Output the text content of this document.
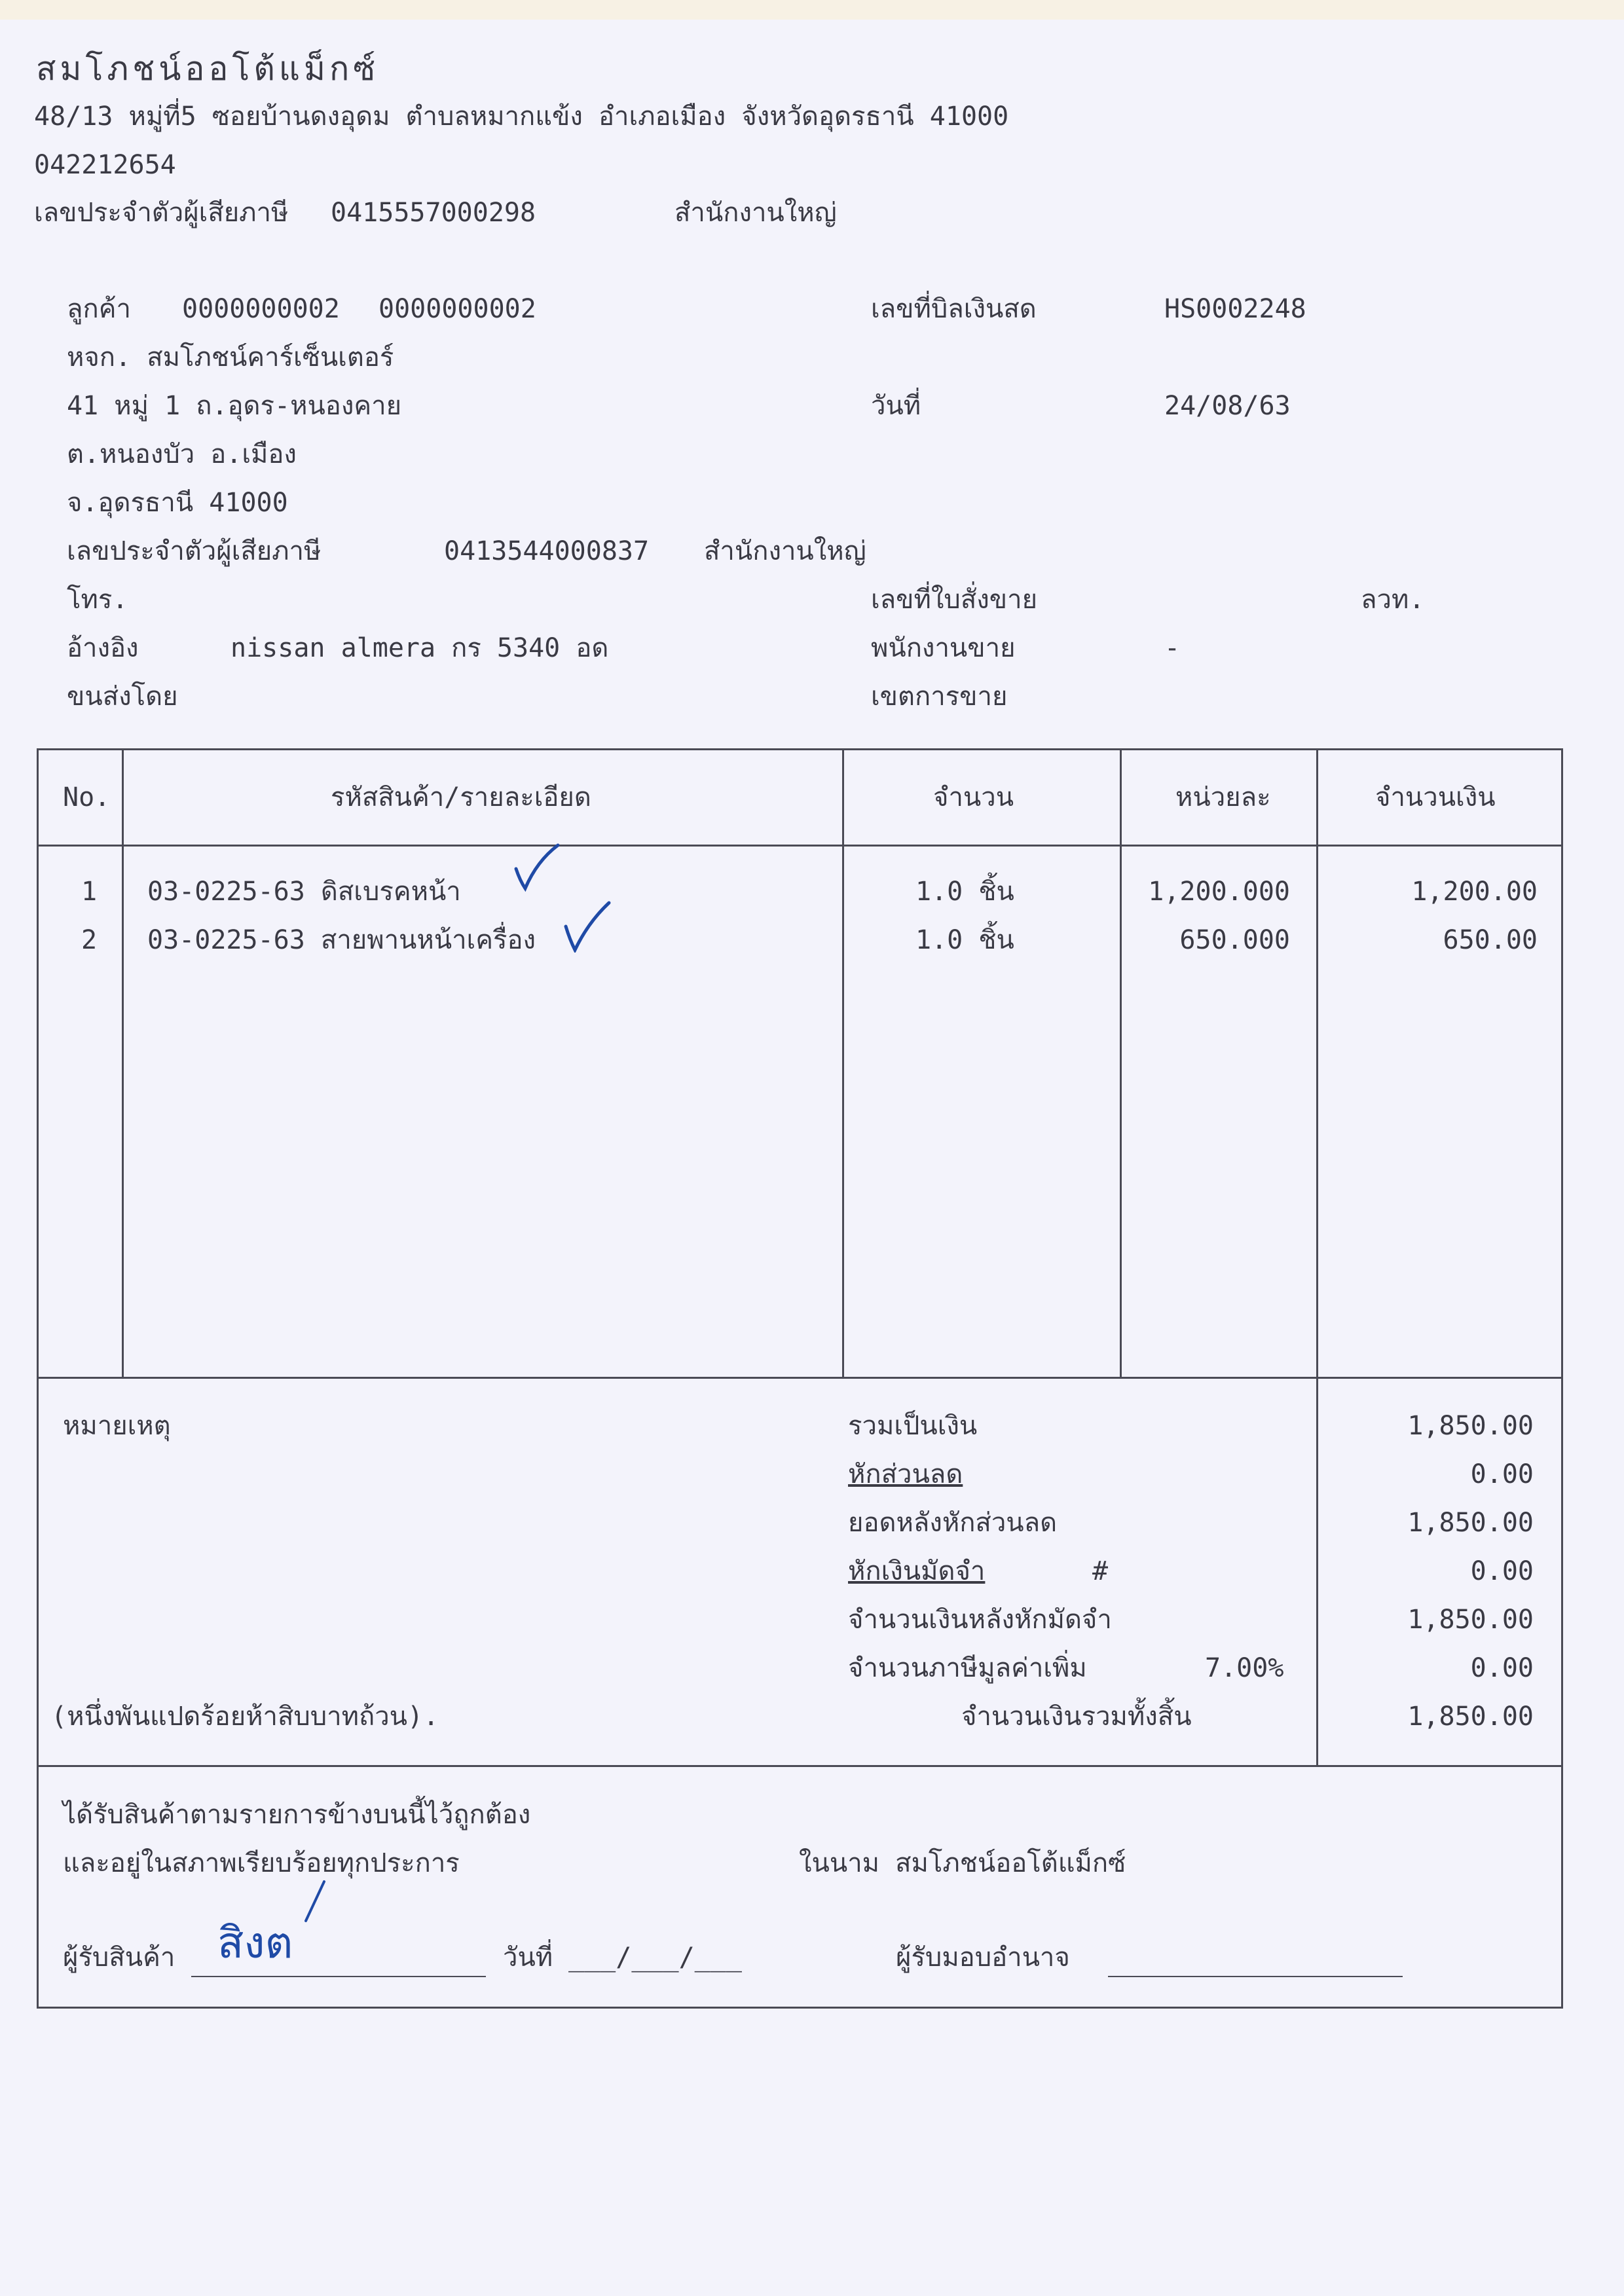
สมโภชน์ออโต้แม็กซ์
48/13 หมู่ที่5 ซอยบ้านดงอุดม ตำบลหมากแข้ง อำเภอเมือง จังหวัดอุดรธานี 41000
042212654
เลขประจำตัวผู้เสียภาษี 0415557000298	สำนักงานใหญ่
ลูกค้า 0000000002 0000000002
หจก. สมโภชน์คาร์เซ็นเตอร์
41 หมู่ 1 ถ.อุดร-หนองคาย
ต.หนองบัว อ.เมือง
จ.อุดรธานี 41000
เลขประจำตัวผู้เสียภาษี	0413544000837 สำนักงานใหญ่
โทร.
อ้างอิง	nissan almera กร 5340 อด
ขนส่งโดย
เลขที่บิลเงินสด	HS0002248
วันที่	24/08/63
เลขที่ใบสั่งขาย	ลวท.
พนักงานขาย	-
เขตการขาย
No.	รหัสสินค้า/รายละเอียด	จำนวน	หน่วยละ	จำนวนเงิน
1 03-0225-63 ดิสเบรคหน้า	1.0 ชิ้น	1,200.000	1,200.00
2 03-0225-63 สายพานหน้าเครื่อง	1.0 ชิ้น	650.000	650.00
หมายเหตุ
(หนึ่งพันแปดร้อยห้าสิบบาทถ้วน).
รวมเป็นเงิน	1,850.00
หักส่วนลด	0.00
ยอดหลังหักส่วนลด	1,850.00
หักเงินมัดจำ	#	0.00
จำนวนเงินหลังหักมัดจำ	1,850.00
จำนวนภาษีมูลค่าเพิ่ม	7.00%	0.00
จำนวนเงินรวมทั้งสิ้น	1,850.00
ได้รับสินค้าตามรายการข้างบนนี้ไว้ถูกต้อง
และอยู่ในสภาพเรียบร้อยทุกประการ	ในนาม สมโภชน์ออโต้แม็กซ์
ผู้รับสินค้า สิงต	วันที่ ___/___/___	ผู้รับมอบอำนาจ
